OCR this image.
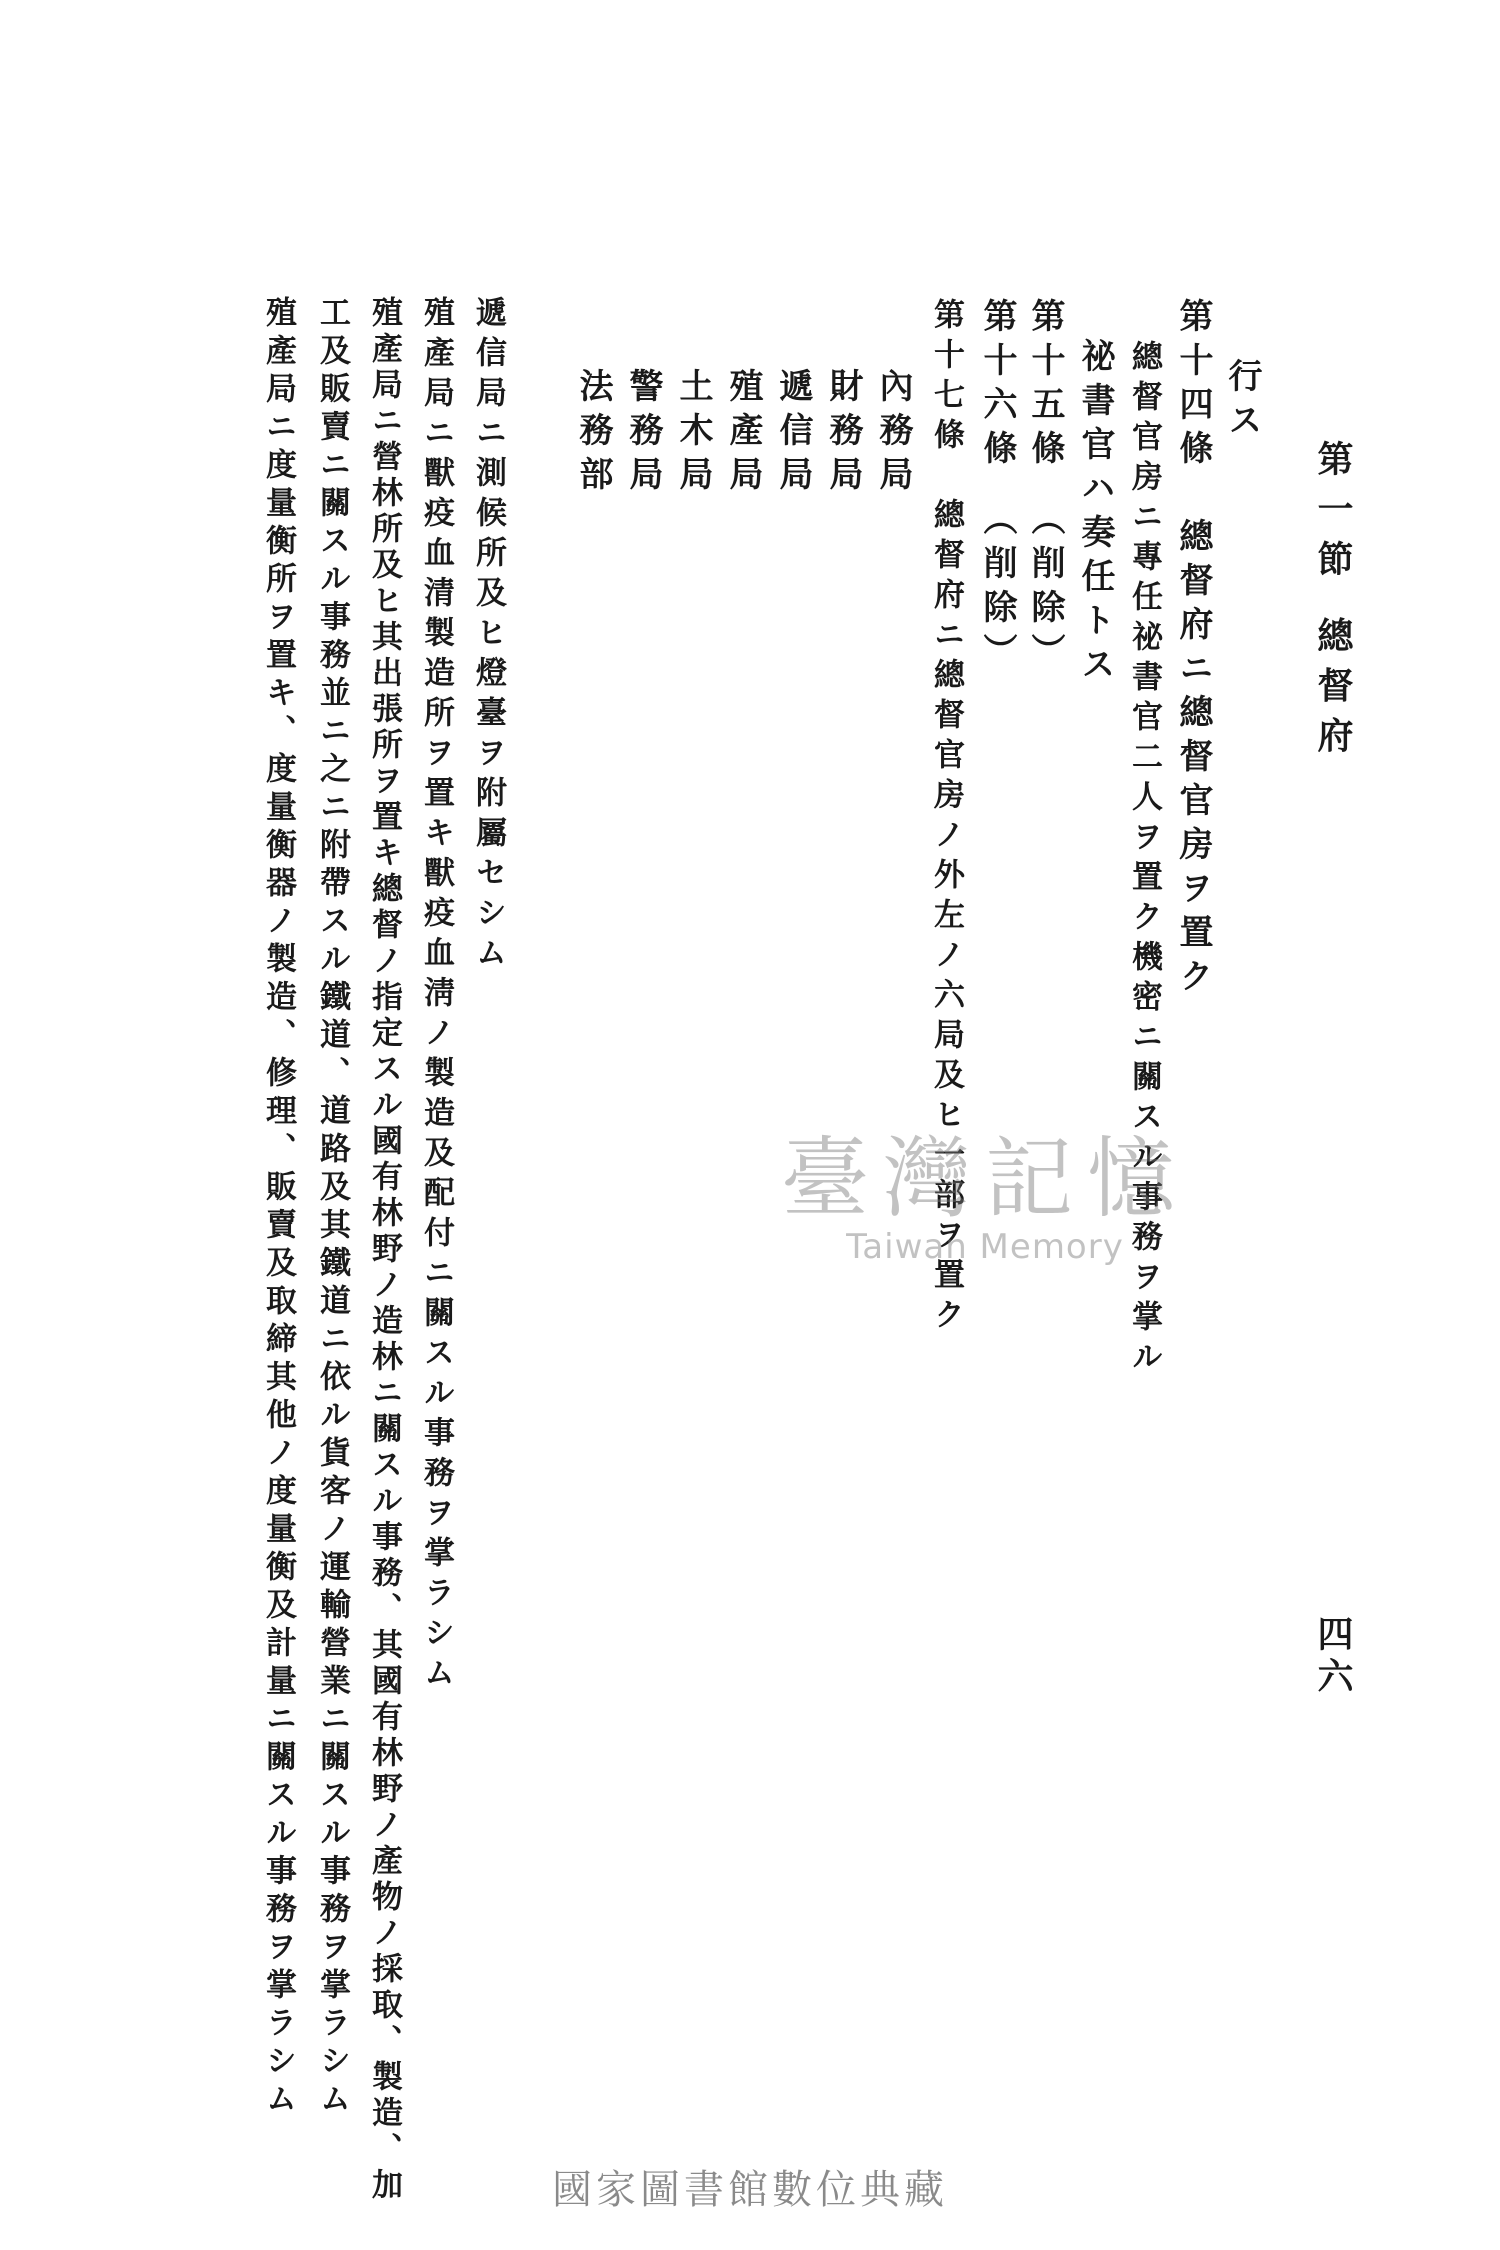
第一節 總督府
四六
行ス
第十四條　總督府ニ總督官房ヲ置ク
總督官房ニ專任祕書官二人ヲ置ク機密ニ關スル事務ヲ掌ル
祕書官ハ奏任トス
第十五條　（削除）
第十六條　（削除）
第十七條　總督府ニ總督官房ノ外左ノ六局及ヒ一部ヲ置ク
內務局
財務局
遞信局
殖產局
土木局
警務局
法務部
遞信局ニ測候所及ヒ燈臺ヲ附屬セシム
殖產局ニ獸疫血清製造所ヲ置キ獸疫血淸ノ製造及配付ニ關スル事務ヲ掌ラシム
殖產局ニ營林所及ヒ其出張所ヲ置キ總督ノ指定スル國有林野ノ造林ニ關スル事務、其國有林野ノ產物ノ採取、製造、加
工及販賣ニ關スル事務並ニ之ニ附帶スル鐵道、道路及其鐵道ニ依ル貨客ノ運輸營業ニ關スル事務ヲ掌ラシム
殖產局ニ度量衡所ヲ置キ、度量衡器ノ製造、修理、販賣及取締其他ノ度量衡及計量ニ關スル事務ヲ掌ラシム	臺灣記憶
Taiwan Memory
國家圖書館數位典藏
